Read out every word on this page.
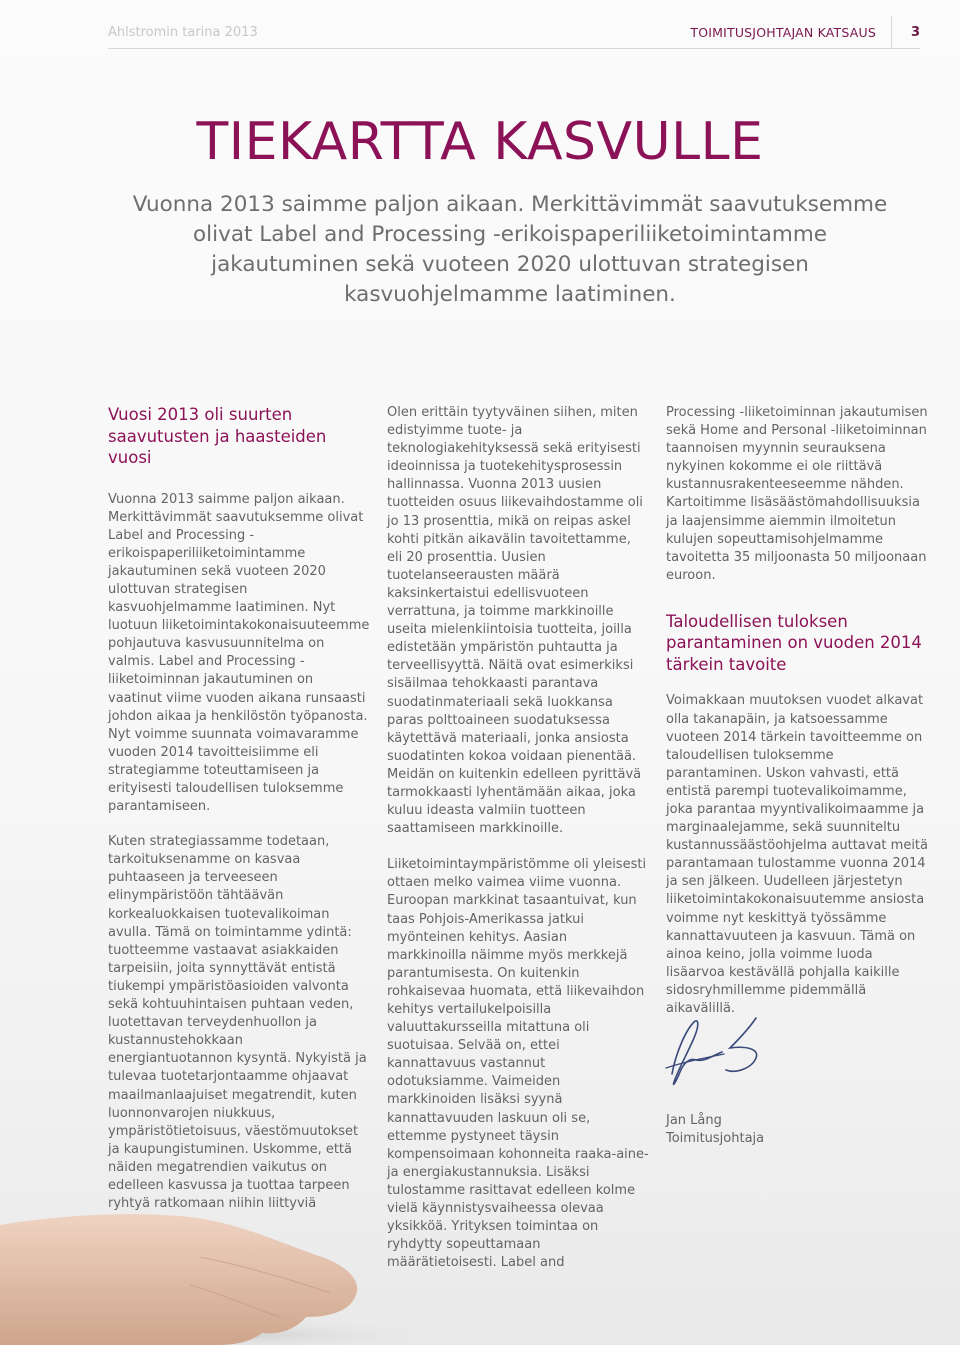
Ahlstromin tarina 2013	TOIMITUSJOHTAJAN KATSAUS	3
TIEKARTTA KASVULLE

Vuonna 2013 saimme paljon aikaan. Merkittävimmät saavutuksemme olivat Label and Processing -erikoispaperiliiketoimintamme jakautuminen sekä vuoteen 2020 ulottuvan strategisen kasvuohjelmamme laatiminen.

Vuosi 2013 oli suurten saavutusten ja haasteiden vuosi

Vuonna 2013 saimme paljon aikaan. Merkittävimmät saavutuksemme olivat Label and Processing -erikoispaperiliiketoimintamme jakautuminen sekä vuoteen 2020 ulottuvan strategisen kasvuohjelmamme laatiminen. Nyt luotuun liiketoimintakokonaisuuteemme pohjautuva kasvusuunnitelma on valmis. Label and Processing -liiketoiminnan jakautuminen on vaatinut viime vuoden aikana runsaasti johdon aikaa ja henkilöstön työpanosta. Nyt voimme suunnata voimavaramme vuoden 2014 tavoitteisiimme eli strategiamme toteuttamiseen ja erityisesti taloudellisen tuloksemme parantamiseen.

Kuten strategiassamme todetaan, tarkoituksenamme on kasvaa puhtaaseen ja terveeseen elinympäristöön tähtäävän korkealuokkaisen tuotevalikoiman avulla. Tämä on toimintamme ydintä: tuotteemme vastaavat asiakkaiden tarpeisiin, joita synnyttävät entistä tiukempi ympäristöasioiden valvonta sekä kohtuuhintaisen puhtaan veden, luotettavan terveydenhuollon ja kustannustehokkaan energiantuotannon kysyntä. Nykyistä ja tulevaa tuotetarjontaamme ohjaavat maailmanlaajuiset megatrendit, kuten luonnonvarojen niukkuus, ympäristötietoisuus, väestömuutokset ja kaupungistuminen. Uskomme, että näiden megatrendien vaikutus on edelleen kasvussa ja tuottaa tarpeen ryhtyä ratkomaan niihin liittyviä

Olen erittäin tyytyväinen siihen, miten edistyimme tuote- ja teknologiakehityksessä sekä erityisesti ideoinnissa ja tuotekehitysprosessin hallinnassa. Vuonna 2013 uusien tuotteiden osuus liikevaihdostamme oli jo 13 prosenttia, mikä on reipas askel kohti pitkän aikavälin tavoitettamme, eli 20 prosenttia. Uusien tuotelanseerausten määrä kaksinkertaistui edellisvuoteen verrattuna, ja toimme markkinoille useita mielenkiintoisia tuotteita, joilla edistetään ympäristön puhtautta ja terveellisyyttä. Näitä ovat esimerkiksi sisäilmaa tehokkaasti parantava suodatinmateriaali sekä luokkansa paras polttoaineen suodatuksessa käytettävä materiaali, jonka ansiosta suodatinten kokoa voidaan pienentää. Meidän on kuitenkin edelleen pyrittävä tarmokkaasti lyhentämään aikaa, joka kuluu ideasta valmiin tuotteen saattamiseen markkinoille.

Liiketoimintaympäristömme oli yleisesti ottaen melko vaimea viime vuonna. Euroopan markkinat tasaantuivat, kun taas Pohjois-Amerikassa jatkui myönteinen kehitys. Aasian markkinoilla näimme myös merkkejä parantumisesta. On kuitenkin rohkaisevaa huomata, että liikevaihdon kehitys vertailukelpoisilla valuuttakursseilla mitattuna oli suotuisaa. Selvää on, ettei kannattavuus vastannut odotuksiamme. Vaimeiden markkinoiden lisäksi syynä kannattavuuden laskuun oli se, ettemme pystyneet täysin kompensoimaan kohonneita raaka-aine- ja energiakustannuksia. Lisäksi tulostamme rasittavat edelleen kolme vielä käynnistysvaiheessa olevaa yksikköä. Yrityksen toimintaa on ryhdytty sopeuttamaan määrätietoisesti. Label and

Processing -liiketoiminnan jakautumisen sekä Home and Personal -liiketoiminnan taannoisen myynnin seurauksena nykyinen kokomme ei ole riittävä kustannusrakenteeseemme nähden. Kartoitimme lisäsäästömahdollisuuksia ja laajensimme aiemmin ilmoitetun kulujen sopeuttamisohjelmamme tavoitetta 35 miljoonasta 50 miljoonaan euroon.

Taloudellisen tuloksen parantaminen on vuoden 2014 tärkein tavoite

Voimakkaan muutoksen vuodet alkavat olla takanapäin, ja katsoessamme vuoteen 2014 tärkein tavoitteemme on taloudellisen tuloksemme parantaminen. Uskon vahvasti, että entistä parempi tuotevalikoimamme, joka parantaa myyntivalikoimaamme ja marginaalejamme, sekä suunniteltu kustannussäästöohjelma auttavat meitä parantamaan tulostamme vuonna 2014 ja sen jälkeen. Uudelleen järjestetyn liiketoimintakokonaisuutemme ansiosta voimme nyt keskittyä työssämme kannattavuuteen ja kasvuun. Tämä on ainoa keino, jolla voimme luoda lisäarvoa kestävällä pohjalla kaikille sidosryhmillemme pidemmällä aikavälillä.

Jan Lång
Toimitusjohtaja
